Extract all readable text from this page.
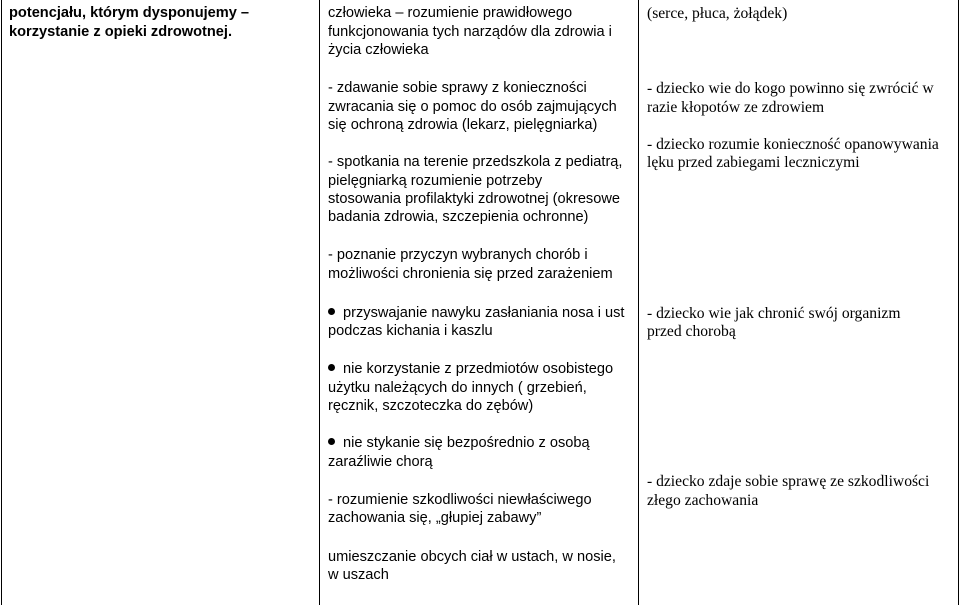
potencjału, którym dysponujemy –
korzystanie z opieki zdrowotnej.
człowieka – rozumienie prawidłowego
funkcjonowania tych narządów dla zdrowia i
życia człowieka
- zdawanie sobie sprawy z konieczności
zwracania się o pomoc do osób zajmujących
się ochroną zdrowia (lekarz, pielęgniarka)
- spotkania na terenie przedszkola z pediatrą,
pielęgniarką rozumienie potrzeby
stosowania profilaktyki zdrowotnej (okresowe
badania zdrowia, szczepienia ochronne)
- poznanie przyczyn wybranych chorób i
możliwości chronienia się przed zarażeniem
przyswajanie nawyku zasłaniania nosa i ust
podczas kichania i kaszlu
nie korzystanie z przedmiotów osobistego
użytku należących do innych ( grzebień,
ręcznik, szczoteczka do zębów)
nie stykanie się bezpośrednio z osobą
zaraźliwie chorą
- rozumienie szkodliwości niewłaściwego
zachowania się, „głupiej zabawy”
umieszczanie obcych ciał w ustach, w nosie,
w uszach
(serce, płuca, żołądek)
- dziecko wie do kogo powinno się zwrócić w
razie kłopotów ze zdrowiem
- dziecko rozumie konieczność opanowywania
lęku przed zabiegami leczniczymi
- dziecko wie jak chronić swój organizm
przed chorobą
- dziecko zdaje sobie sprawę ze szkodliwości
złego zachowania
